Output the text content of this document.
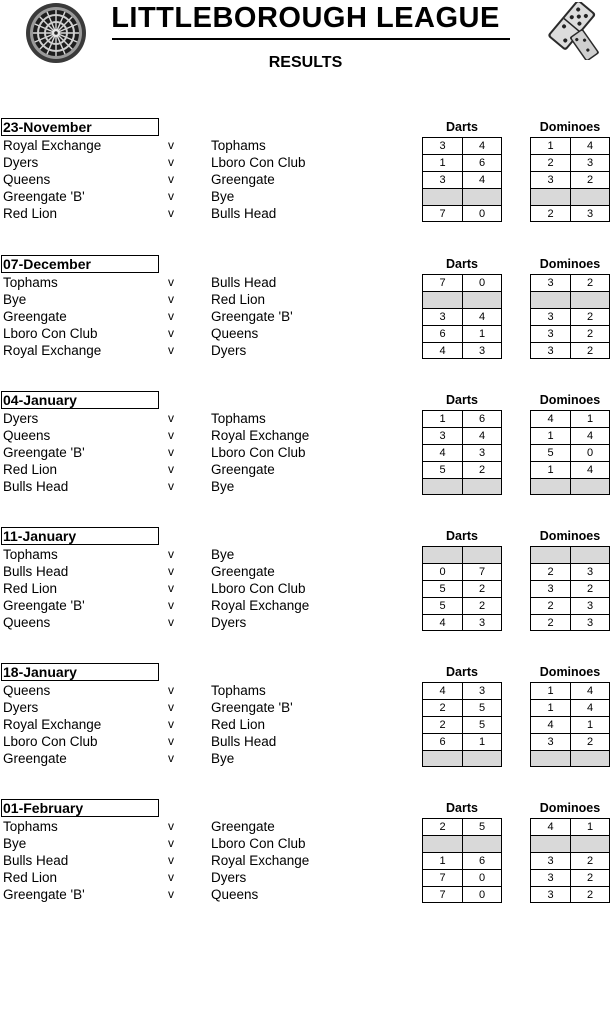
LITTLEBOROUGH LEAGUE
RESULTS
23-November	Darts	Dominoes
Royal Exchange	v	Tophams	3	4	1	4
Dyers	v	Lboro Con Club	1	6	2	3
Queens	v	Greengate	3	4	3	2
Greengate 'B'	v	Bye
Red Lion	v	Bulls Head	7	0	2	3
07-December	Darts	Dominoes
Tophams	v	Bulls Head	7	0	3	2
Bye	v	Red Lion
Greengate	v	Greengate 'B'	3	4	3	2
Lboro Con Club	v	Queens	6	1	3	2
Royal Exchange	v	Dyers	4	3	3	2
04-January	Darts	Dominoes
Dyers	v	Tophams	1	6	4	1
Queens	v	Royal Exchange	3	4	1	4
Greengate 'B'	v	Lboro Con Club	4	3	5	0
Red Lion	v	Greengate	5	2	1	4
Bulls Head	v	Bye
11-January	Darts	Dominoes
Tophams	v	Bye
Bulls Head	v	Greengate	0	7	2	3
Red Lion	v	Lboro Con Club	5	2	3	2
Greengate 'B'	v	Royal Exchange	5	2	2	3
Queens	v	Dyers	4	3	2	3
18-January	Darts	Dominoes
Queens	v	Tophams	4	3	1	4
Dyers	v	Greengate 'B'	2	5	1	4
Royal Exchange	v	Red Lion	2	5	4	1
Lboro Con Club	v	Bulls Head	6	1	3	2
Greengate	v	Bye
01-February	Darts	Dominoes
Tophams	v	Greengate	2	5	4	1
Bye	v	Lboro Con Club
Bulls Head	v	Royal Exchange	1	6	3	2
Red Lion	v	Dyers	7	0	3	2
Greengate 'B'	v	Queens	7	0	3	2
